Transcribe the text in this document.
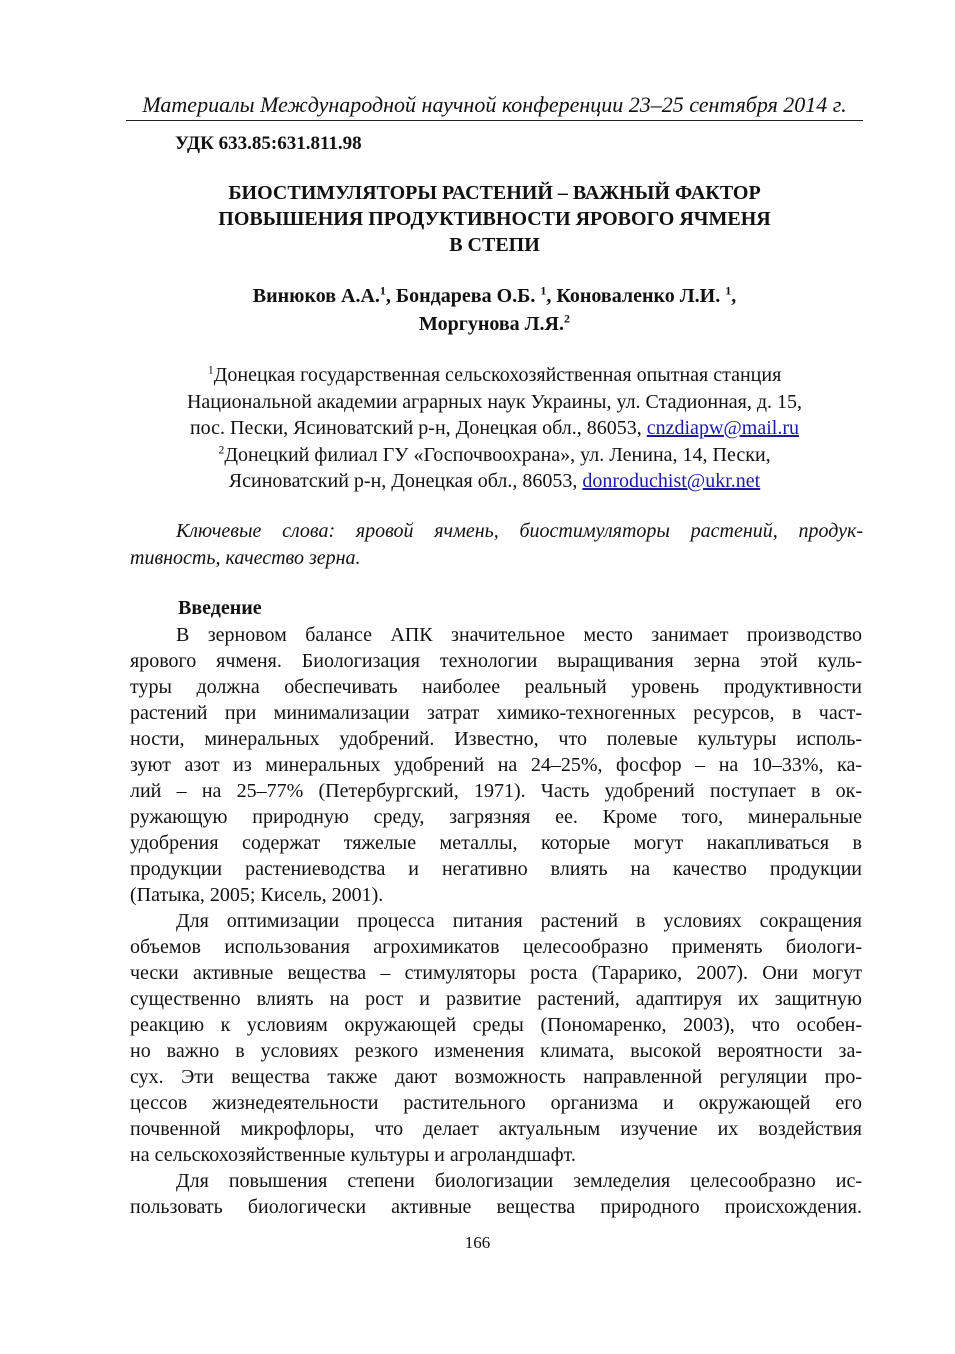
Материалы Международной научной конференции 23–25 сентября 2014 г.
УДК 633.85:631.811.98
БИОСТИМУЛЯТОРЫ РАСТЕНИЙ – ВАЖНЫЙ ФАКТОР
ПОВЫШЕНИЯ ПРОДУКТИВНОСТИ ЯРОВОГО ЯЧМЕНЯ
В СТЕПИ
Винюков А.А.$^1$, Бондарева О.Б. $^1$, Коноваленко Л.И. $^1$,
Моргунова Л.Я.$^2$
$^1$Донецкая государственная сельскохозяйственная опытная станция
Национальной академии аграрных наук Украины, ул. Стадионная, д. 15,
пос. Пески, Ясиноватский р-н, Донецкая обл., 86053, cnzdiapw@mail.ru
$^2$Донецкий филиал ГУ «Госпочвоохрана», ул. Ленина, 14, Пески,
Ясиноватский р-н, Донецкая обл., 86053, donroduchist@ukr.net
Ключевые слова: яровой ячмень, биостимуляторы растений, продук-
тивность, качество зерна.
Введение
В зерновом балансе АПК значительное место занимает производство
ярового ячменя. Биологизация технологии выращивания зерна этой куль-
туры должна обеспечивать наиболее реальный уровень продуктивности
растений при минимализации затрат химико-техногенных ресурсов, в част-
ности, минеральных удобрений. Известно, что полевые культуры исполь-
зуют азот из минеральных удобрений на 24–25%, фосфор – на 10–33%, ка-
лий – на 25–77% (Петербургский, 1971). Часть удобрений поступает в ок-
ружающую природную среду, загрязняя ее. Кроме того, минеральные
удобрения содержат тяжелые металлы, которые могут накапливаться в
продукции растениеводства и негативно влиять на качество продукции
(Патыка, 2005; Кисель, 2001).
Для оптимизации процесса питания растений в условиях сокращения
объемов использования агрохимикатов целесообразно применять биологи-
чески активные вещества – стимуляторы роста (Тарарико, 2007). Они могут
существенно влиять на рост и развитие растений, адаптируя их защитную
реакцию к условиям окружающей среды (Пономаренко, 2003), что особен-
но важно в условиях резкого изменения климата, высокой вероятности за-
сух. Эти вещества также дают возможность направленной регуляции про-
цессов жизнедеятельности растительного организма и окружающей его
почвенной микрофлоры, что делает актуальным изучение их воздействия
на сельскохозяйственные культуры и агроландшафт.
Для повышения степени биологизации земледелия целесообразно ис-
пользовать биологически активные вещества природного происхождения.
166
